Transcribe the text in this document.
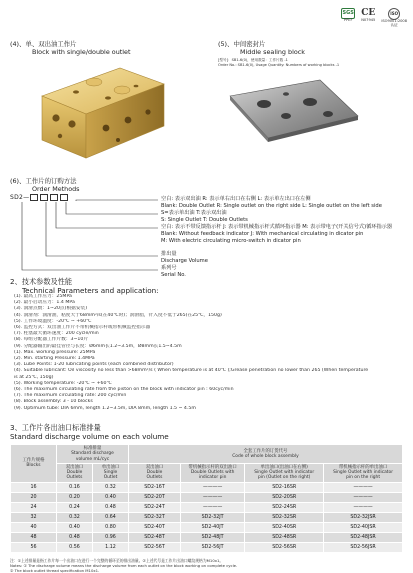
SGS
PPEF
CE
N07945
ISO
ISO9001:2008
认证
(4)、单、双出油工作片
Block with single/double outlet
(5)、中间密封片
Middle sealing block
[型号]：SB1-6(0)，使用数量：工作片数 -1
Order No.: SB1-6(0), Usage Quantity: Numbers of working blocks -1
(6)、工作片的订购方法
Order Methods
SD2—	空白: 表示双出油 R: 表示单右出口在右侧 L: 表示单左出口在左侧
Blank: Double Outlet R: Single outlet on the right side L: Single outlet on the left side
S=表示单出油 T:表示双出油
S: Single Outlet T: Double Outlets
空白: 表示不带反馈指示杆 J: 表示带机械指示杆式循环指示器 M: 表示带电子(开关信号式)循环指示器
Blank: Without feedback indicator J: With mechanical circulating in dicator pin
M: With electric circulating micro-switch in dicator pin
排出量
Discharge Volume
系列号
Serial No.
2、技术参数及性能
Technical Parameters and application:
(1). 最高工作压力：25MPa
(2). 最小启动压力：1.4 MPa
(3). 润滑点数：1~20点(根据安装)
(4). 润滑剂：润滑油，粘度大于68mm²/s(在40℃时)；润滑脂，针入度不低于265(在25℃，150g)
(5). 工作环境温度：-20℃ ~ +60℃
(6). 监控方式：双出油工作片不带机械指示杆或带机械监控指示器
(7). 柱塞最大循环速度：200 cycle/min
(8). 每组分配器工作片数：3~10片
(9). 分配器输出的最佳管径与长度：Ø6mm长1.2~3.5m，Ø8mm长1.5~4.5m
(1). Max. working pressure: 25MPa
(2). Min. starting Pressure: 1.4MPa
(3). Lube Points: 1-20 lubricating points (each combined distributor)
(4). Suitable lubricant: Oil viscosity no less than >68mm²/s ( When temperature is at 40℃ );Grease penetration no lower than 265 (When temperature
is at 25℃, 150g)
(5). Working temperature: -20℃ ~ +60℃
(6). The maximum circulating rate from the piston on the block with indicator pin : 60cyc/min
(7). The maximum circulating rate: 200 cyc/min
(8). Block assembly: 3 - 10 blocks
(9). Optimum tube: DIA 6mm, length 1.2~3.5m, DIA 8mm, length 1.5 ~ 4.5m
3、工作片各出油口标准排量
Standard discharge volume on each volume
工作片规格
Blocks	标准排量
Standard discharge
volume mL/cyc		全套工作片的订货代号
Code of whole block assembly			
	双出油口
Double
Outlets	单出油口
Single
Outlet	双出油口
Double
Outlets	带机械指示杆的双出油口
Double Outlets with
indicator pin	单出油口(出油口在右侧)
Single Outlet with indicator
pin (Outlet on the right)	带机械指示杆的单出油口
Single Outlet with indicator
pin on the right
16	0.16	0.32	SD2-16T	————	SD2-16SR	————
20	0.20	0.40	SD2-20T	————	SD2-20SR	————
24	0.24	0.48	SD2-24T	————	SD2-24SR	————
32	0.32	0.64	SD2-32T	SD2-32JT	SD2-32SR	SD2-32JSR
40	0.40	0.80	SD2-40T	SD2-40JT	SD2-40SR	SD2-40JSR
48	0.48	0.96	SD2-48T	SD2-48JT	SD2-48SR	SD2-48JSR
56	0.56	1.12	SD2-56T	SD2-56JT	SD2-56SR	SD2-56JSR
注：①上述排量是指工作片每一个出油口在进行一个完整的循环至的排出油量。②上述代号是工作片出油口螺纹规格为M10x1。
Notes: ① The discharge volume means the discharge volume from each outlet on the block working on complete cycle.
② The block outlet thread specification M10x1.
